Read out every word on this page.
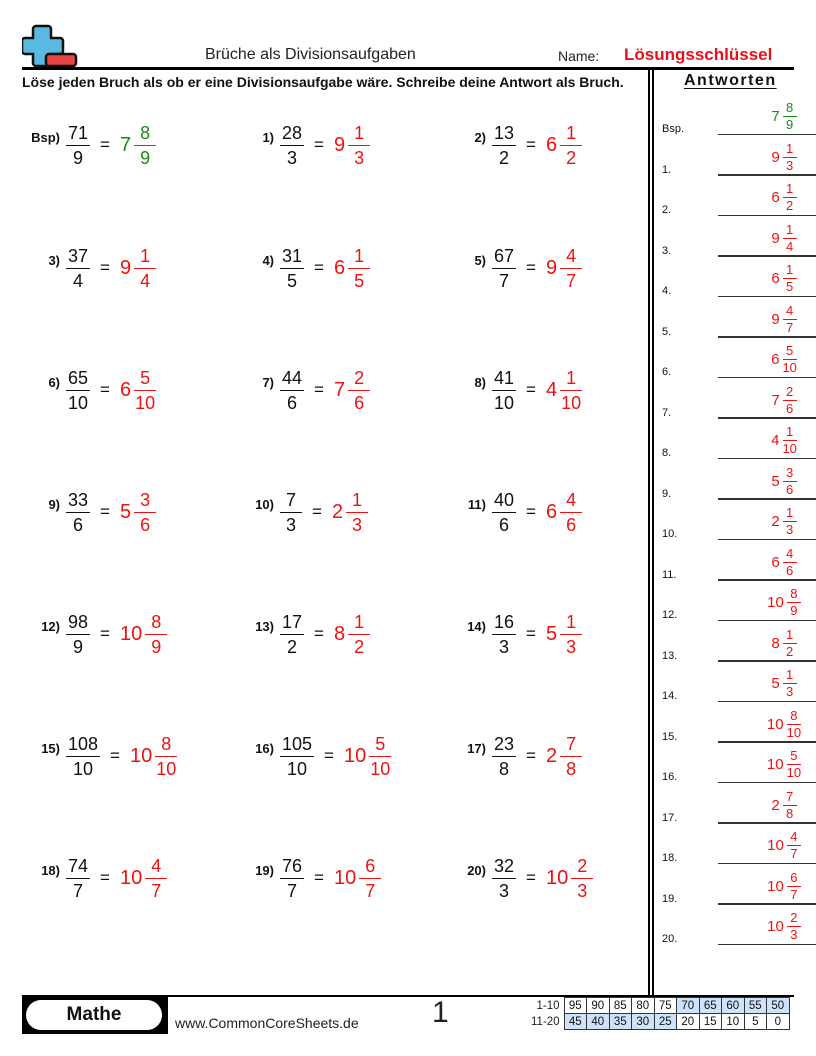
Brüche als Divisionsaufgaben	Name: Lösungsschlüssel
Löse jeden Bruch als ob er eine Divisionsaufgabe wäre. Schreibe deine Antwort als Bruch.	Antworten
$Bsp) \frac{71}{9} = 7 \frac{8}{9}$	$1) \frac{28}{3} = 9 \frac{1}{3}$	$2) \frac{13}{2} = 6 \frac{1}{2}$
$3) \frac{37}{4} = 9 \frac{1}{4}$	$4) \frac{31}{5} = 6 \frac{1}{5}$	$5) \frac{67}{7} = 9 \frac{4}{7}$
$6) \frac{65}{10} = 6 \frac{5}{10}$	$7) \frac{44}{6} = 7 \frac{2}{6}$	$8) \frac{41}{10} = 4 \frac{1}{10}$
$9) \frac{33}{6} = 5 \frac{3}{6}$	$10) \frac{7}{3} = 2 \frac{1}{3}$	$11) \frac{40}{6} = 6 \frac{4}{6}$
$12) \frac{98}{9} = 10 \frac{8}{9}$	$13) \frac{17}{2} = 8 \frac{1}{2}$	$14) \frac{16}{3} = 5 \frac{1}{3}$
$15) \frac{108}{10} = 10 \frac{8}{10}$	$16) \frac{105}{10} = 10 \frac{5}{10}$	$17) \frac{23}{8} = 2 \frac{7}{8}$
$18) \frac{74}{7} = 10 \frac{4}{7}$	$19) \frac{76}{7} = 10 \frac{6}{7}$	$20) \frac{32}{3} = 10 \frac{2}{3}$
Bsp.
$7 \frac{8}{9}$
1.
$9 \frac{1}{3}$
2.
$6 \frac{1}{2}$
3.
$9 \frac{1}{4}$
4.
$6 \frac{1}{5}$
5.
$9 \frac{4}{7}$
6.
$6 \frac{5}{10}$
7.
$7 \frac{2}{6}$
8.
$4 \frac{1}{10}$
9.
$5 \frac{3}{6}$
10.
$2 \frac{1}{3}$
11.
$6 \frac{4}{6}$
12.
$10 \frac{8}{9}$
13.
$8 \frac{1}{2}$
14.
$5 \frac{1}{3}$
15.
$10 \frac{8}{10}$
16.
$10 \frac{5}{10}$
17.
$2 \frac{7}{8}$
18.
$10 \frac{4}{7}$
19.
$10 \frac{6}{7}$
20.
$10 \frac{2}{3}$
Mathe	www.CommonCoreSheets.de 1	1-10	95	90	85	80	75	70	65	60	55	50
11-20	45	40	35	30	25	20	15	10	5	0
